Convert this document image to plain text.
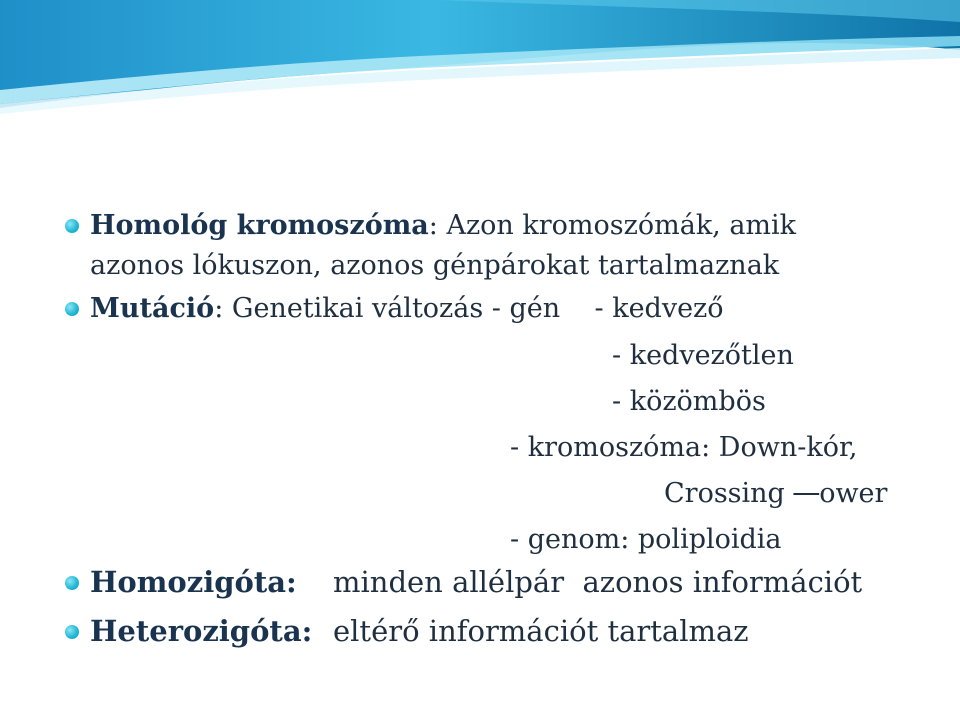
Homológ kromoszóma: Azon kromoszómák, amik
azonos lókuszon, azonos génpárokat tartalmaznak
Mutáció: Genetikai változás - gén    - kedvező
- kedvezőtlen
- közömbös
- kromoszóma: Down-kór,
Crossing    ower
- genom: poliploidia
Homozigóta: minden allélpár  azonos információt
Heterozigóta: eltérő információt tartalmaz
